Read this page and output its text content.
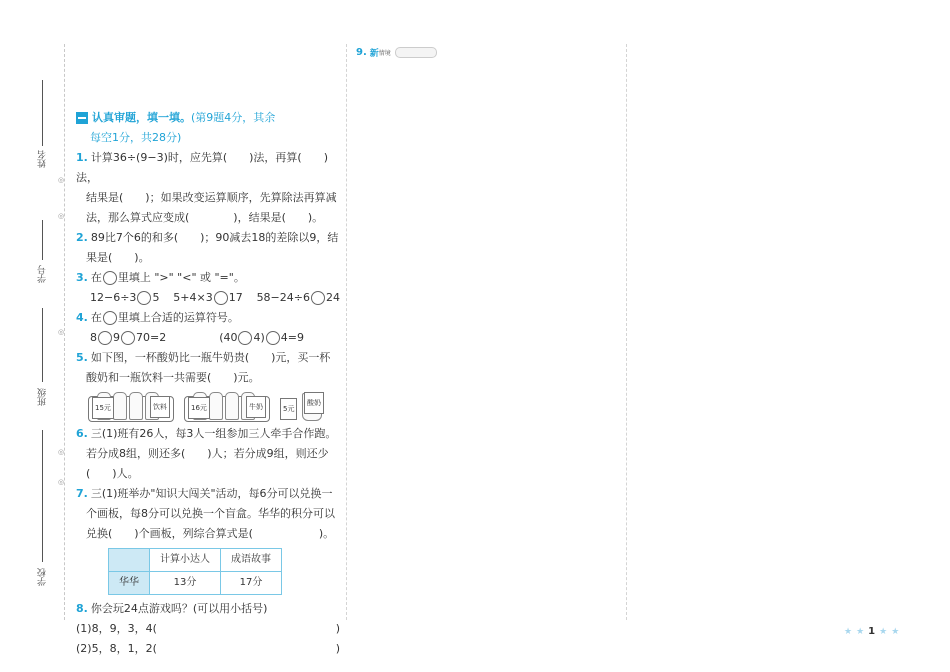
姓名
学号
班级
学校
◎
◎
◎
◎
◎
认真审题，填一填。 (第9题4分，其余
每空1分，共28分)
1. 计算36÷(9−3)时，应先算(　　)法，再算(　　)法，
结果是(　　)；如果改变运算顺序，先算除法再算减
法，那么算式应变成(　　　　)，结果是(　　)。
2. 89比7个6的和多(　　)；90减去18的差除以9，结
果是(　　)。
3. 在 里填上 ">" "<" 或 "="。
12−6÷3 5 5+4×3 17 58−24÷6 24
4. 在 里填上合适的运算符号。
8 9 70=2	(40 4) 4=9
5. 如下图，一杯酸奶比一瓶牛奶贵(　　)元，买一杯
酸奶和一瓶饮料一共需要(　　)元。
15元	饮料	16元	牛奶	5元
酸奶
6. 三(1)班有26人，每3人一组参加三人牵手合作跑。
若分成8组，则还多(　　)人；若分成9组，则还少
(　　)人。
7. 三(1)班举办"知识大闯关"活动，每6分可以兑换一
个画板，每8分可以兑换一个盲盒。华华的积分可以
兑换(　　)个画板，列综合算式是(　　　　　　)。
	计算小达人	成语故事
华华	13分	17分
8. 你会玩24点游戏吗？(可以用小括号)
(1)8，9，3，4(	)
(2)5，8，1，2(	)
9. 新 情境
★ ★ 1 ★ ★
